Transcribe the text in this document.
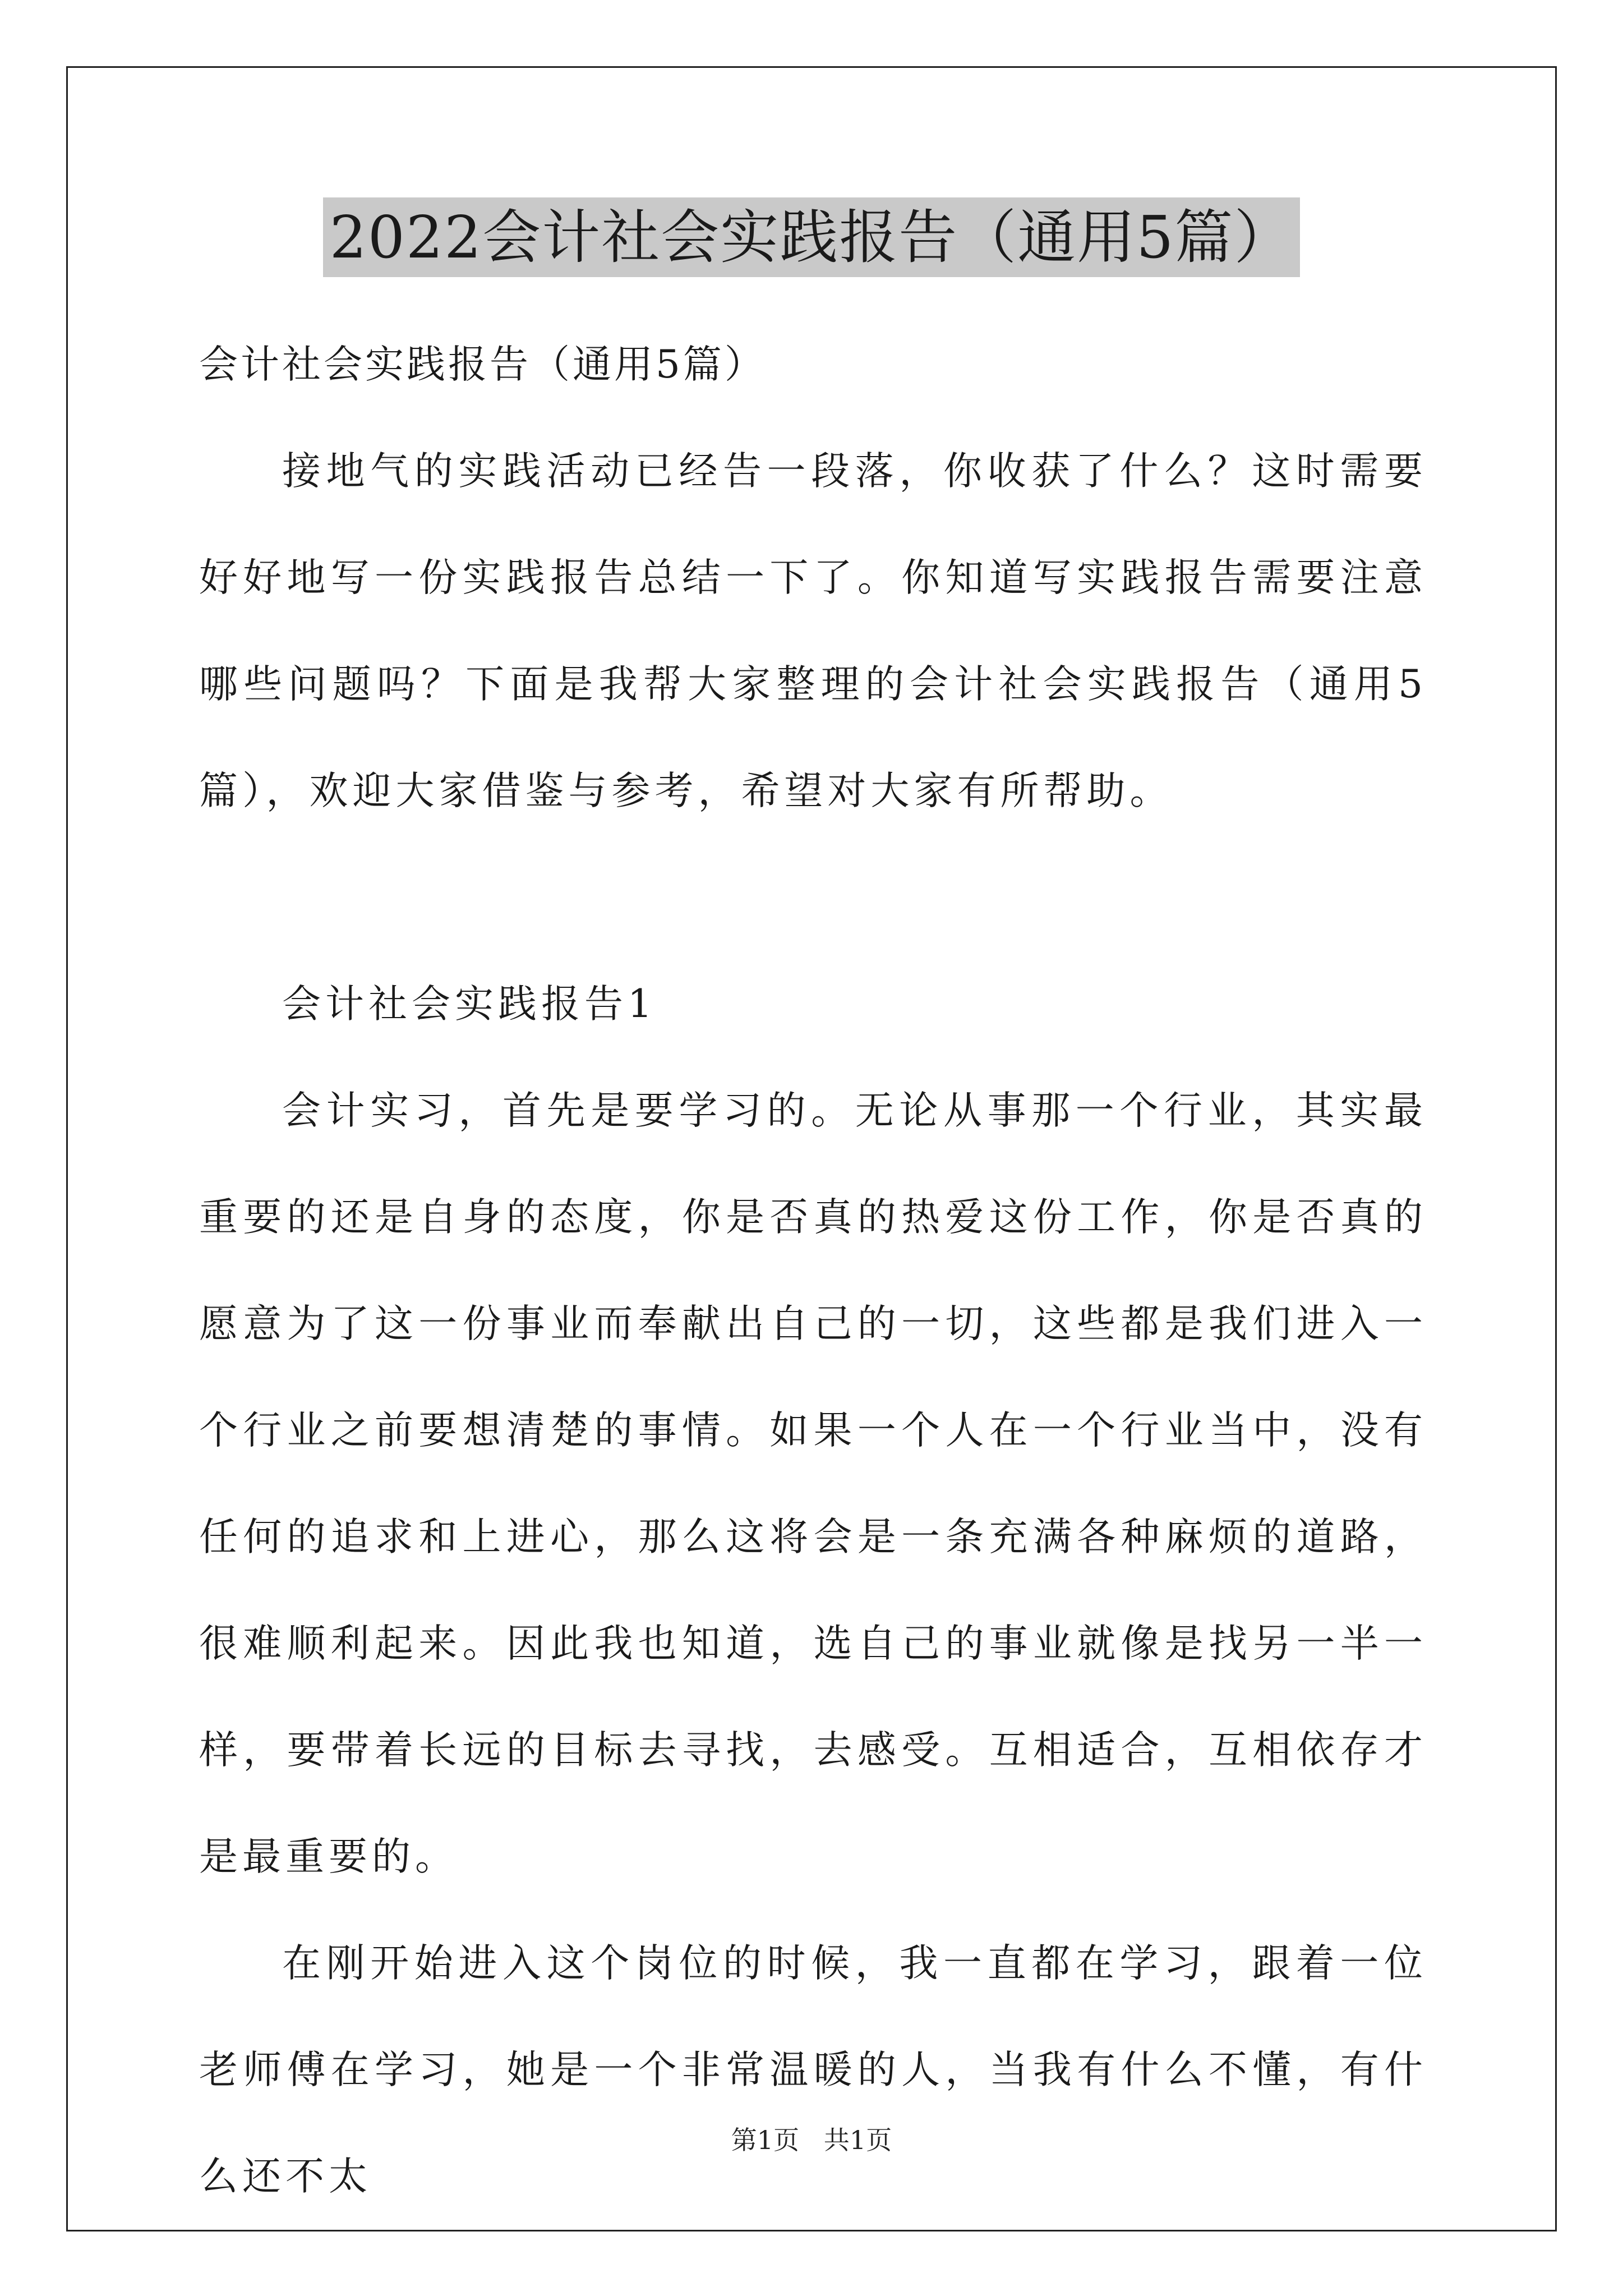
2022会计社会实践报告（通用5篇）

会计社会实践报告（通用5篇）

接地气的实践活动已经告一段落，你收获了什么？这时需要好好地写一份实践报告总结一下了。你知道写实践报告需要注意哪些问题吗？下面是我帮大家整理的会计社会实践报告（通用5篇），欢迎大家借鉴与参考，希望对大家有所帮助。

会计社会实践报告1

会计实习，首先是要学习的。无论从事那一个行业，其实最重要的还是自身的态度，你是否真的热爱这份工作，你是否真的愿意为了这一份事业而奉献出自己的一切，这些都是我们进入一个行业之前要想清楚的事情。如果一个人在一个行业当中，没有任何的追求和上进心，那么这将会是一条充满各种麻烦的道路，很难顺利起来。因此我也知道，选自己的事业就像是找另一半一样，要带着长远的目标去寻找，去感受。互相适合，互相依存才是最重要的。

在刚开始进入这个岗位的时候，我一直都在学习，跟着一位老师傅在学习，她是一个非常温暖的人，当我有什么不懂，有什么还不太

第1页   共1页
